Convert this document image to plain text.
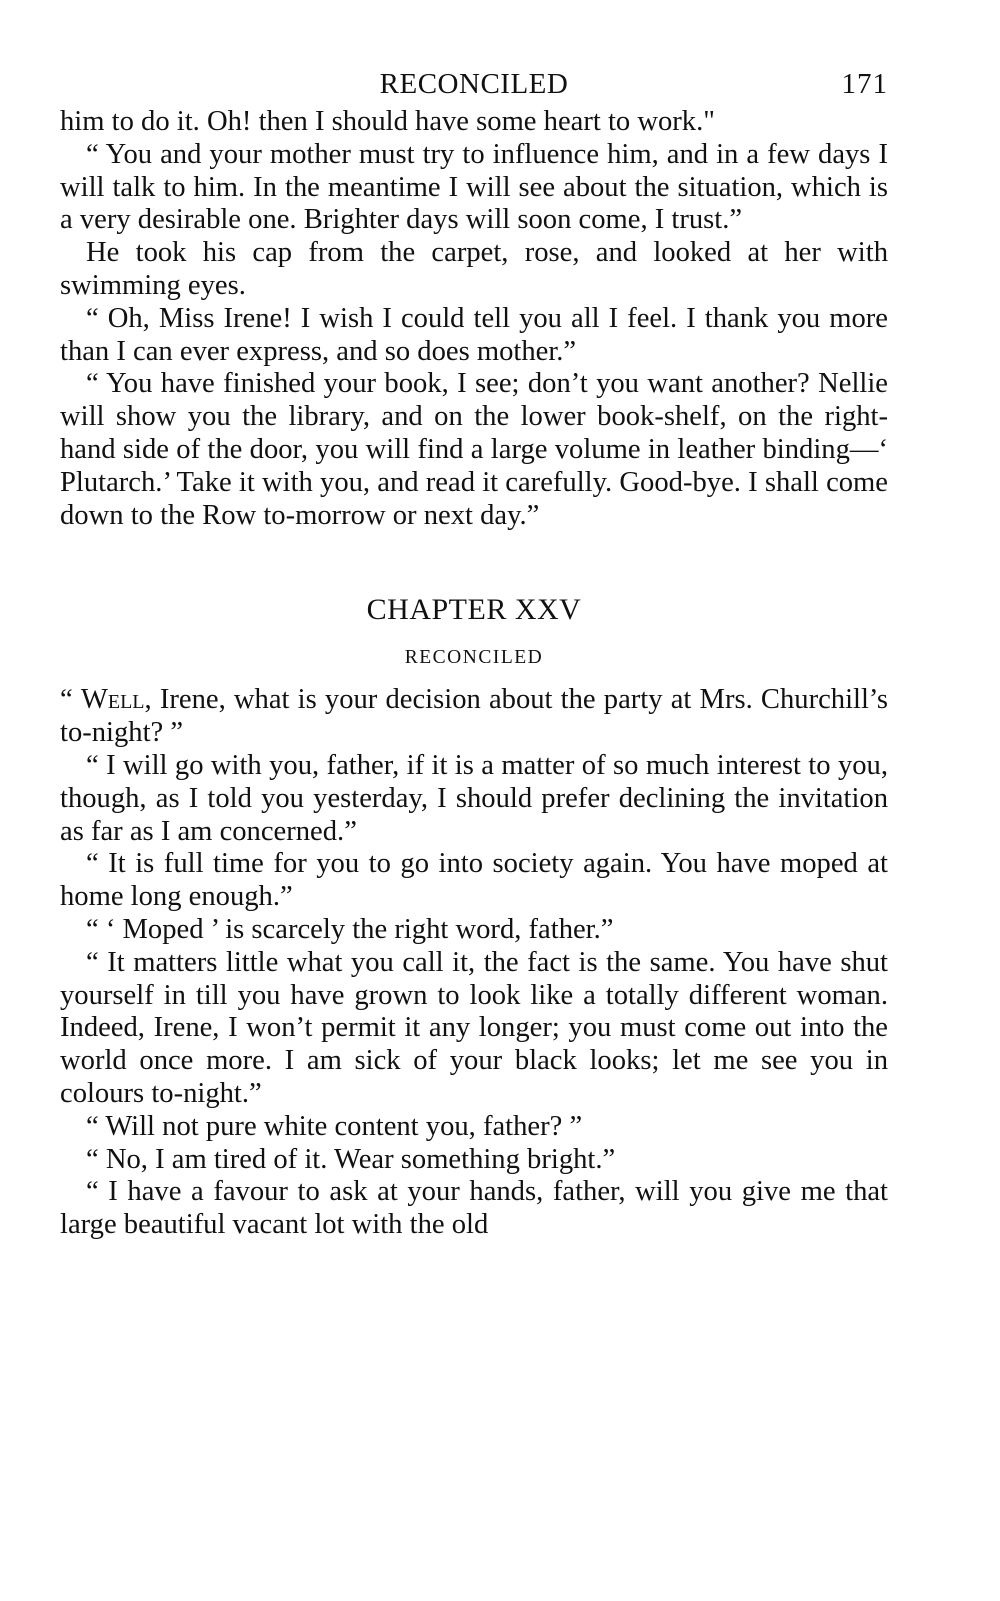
RECONCILED	171

him to do it. Oh! then I should have some heart to work."

“ You and your mother must try to influence him, and in a few days I will talk to him. In the meantime I will see about the situation, which is a very desirable one. Brighter days will soon come, I trust.”

He took his cap from the carpet, rose, and looked at her with swimming eyes.

“ Oh, Miss Irene! I wish I could tell you all I feel. I thank you more than I can ever express, and so does mother.”

“ You have finished your book, I see; don’t you want another? Nellie will show you the library, and on the lower book-shelf, on the right-hand side of the door, you will find a large volume in leather binding—‘ Plutarch.’ Take it with you, and read it carefully. Good-bye. I shall come down to the Row to-morrow or next day.”

CHAPTER XXV

RECONCILED

“ Well, Irene, what is your decision about the party at Mrs. Churchill’s to-night? ”

“ I will go with you, father, if it is a matter of so much interest to you, though, as I told you yesterday, I should prefer declining the invitation as far as I am concerned.”

“ It is full time for you to go into society again. You have moped at home long enough.”

“ ‘ Moped ’ is scarcely the right word, father.”

“ It matters little what you call it, the fact is the same. You have shut yourself in till you have grown to look like a totally different woman. Indeed, Irene, I won’t permit it any longer; you must come out into the world once more. I am sick of your black looks; let me see you in colours to-night.”

“ Will not pure white content you, father? ”

“ No, I am tired of it. Wear something bright.”

“ I have a favour to ask at your hands, father, will you give me that large beautiful vacant lot with the old
